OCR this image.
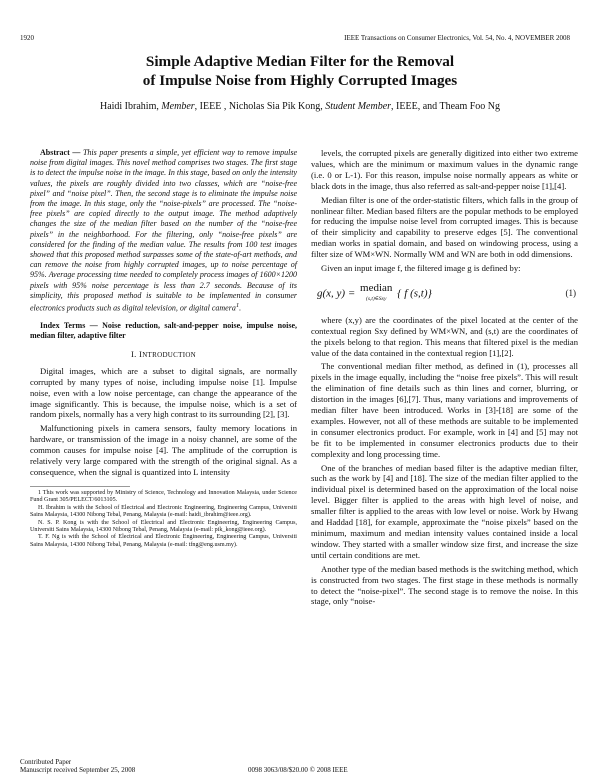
1920	IEEE Transactions on Consumer Electronics, Vol. 54, No. 4, NOVEMBER 2008
Simple Adaptive Median Filter for the Removal
of Impulse Noise from Highly Corrupted Images
Haidi Ibrahim, Member, IEEE , Nicholas Sia Pik Kong, Student Member, IEEE, and Theam Foo Ng

Abstract — This paper presents a simple, yet efficient way to remove impulse noise from digital images. This novel method comprises two stages. The first stage is to detect the impulse noise in the image. In this stage, based on only the intensity values, the pixels are roughly divided into two classes, which are “noise-free pixel” and “noise pixel”. Then, the second stage is to eliminate the impulse noise from the image. In this stage, only the “noise-pixels” are processed. The “noise-free pixels” are copied directly to the output image. The method adaptively changes the size of the median filter based on the number of the “noise-free pixels” in the neighborhood. For the filtering, only “noise-free pixels” are considered for the finding of the median value. The results from 100 test images showed that this proposed method surpasses some of the state-of-art methods, and can remove the noise from highly corrupted images, up to noise percentage of 95%. Average processing time needed to completely process images of 1600×1200 pixels with 95% noise percentage is less than 2.7 seconds. Because of its simplicity, this proposed method is suitable to be implemented in consumer electronics products such as digital television, or digital camera$^1$.

Index Terms — Noise reduction, salt-and-pepper noise, impulse noise, median filter, adaptive filter

I. INTRODUCTION

Digital images, which are a subset to digital signals, are normally corrupted by many types of noise, including impulse noise [1]. Impulse noise, even with a low noise percentage, can change the appearance of the image significantly. This is because, the impulse noise, which is a set of random pixels, normally has a very high contrast to its surrounding [2], [3].

Malfunctioning pixels in camera sensors, faulty memory locations in hardware, or transmission of the image in a noisy channel, are some of the common causes for impulse noise [4]. The amplitude of the corruption is relatively very large compared with the strength of the original signal. As a consequence, when the signal is quantized into L intensity

1 This work was supported by Ministry of Science, Technology and Innovation Malaysia, under Science Fund Grant 305/PELECT/6013105.

H. Ibrahim is with the School of Electrical and Electronic Engineering, Engineering Campus, Universiti Sains Malaysia, 14300 Nibong Tebal, Penang, Malaysia (e-mail: haidi_ibrahim@ieee.org).

N. S. P. Kong is with the School of Electrical and Electronic Engineering, Engineering Campus, Universiti Sains Malaysia, 14300 Nibong Tebal, Penang, Malaysia (e-mail: pik_kong@ieee.org).

T. F. Ng is with the School of Electrical and Electronic Engineering, Engineering Campus, Universiti Sains Malaysia, 14300 Nibong Tebal, Penang, Malaysia (e-mail: tfng@eng.usm.my).

levels, the corrupted pixels are generally digitized into either two extreme values, which are the minimum or maximum values in the dynamic range (i.e. 0 or L-1). For this reason, impulse noise normally appears as white or black dots in the image, thus also referred as salt-and-pepper noise [1],[4].

Median filter is one of the order-statistic filters, which falls in the group of nonlinear filter. Median based filters are the popular methods to be employed for reducing the impulse noise level from corrupted images. This is because of their simplicity and capability to preserve edges [5]. The conventional median works in spatial domain, and based on windowing process, using a filter size of WM×WN. Normally WM and WN are both in odd dimensions.

Given an input image f, the filtered image g is defined by:

g(x, y) = median
(s,t)∈Sxy { f (s,t)}	(1)

where (x,y) are the coordinates of the pixel located at the center of the contextual region Sxy defined by WM×WN, and (s,t) are the coordinates of the pixels belong to that region. This means that filtered pixel is the median value of the data contained in the contextual region [1],[2].

The conventional median filter method, as defined in (1), processes all pixels in the image equally, including the “noise free pixels”. This will result the elimination of fine details such as thin lines and corner, blurring, or distortion in the images [6],[7]. Thus, many variations and improvements of median filter have been introduced. Works in [3]-[18] are some of the examples. However, not all of these methods are suitable to be implemented in consumer electronics product. For example, work in [4] and [5] may not be fit to be implemented in consumer electronics products due to their complexity and long processing time.

One of the branches of median based filter is the adaptive median filter, such as the work by [4] and [18]. The size of the median filter applied to the individual pixel is determined based on the approximation of the local noise level. Bigger filter is applied to the areas with high level of noise, and smaller filter is applied to the areas with low level or noise. Work by Hwang and Haddad [18], for example, approximate the “noise pixels” based on the minimum, maximum and median intensity values contained inside a local window. They started with a smaller window size first, and increase the size until certain conditions are met.

Another type of the median based methods is the switching method, which is constructed from two stages. The first stage in these methods is normally to detect the “noise-pixel”. The second stage is to remove the noise. In this stage, only “noise-

Contributed Paper
Manuscript received September 25, 2008	0098 3063/08/$20.00 © 2008 IEEE
